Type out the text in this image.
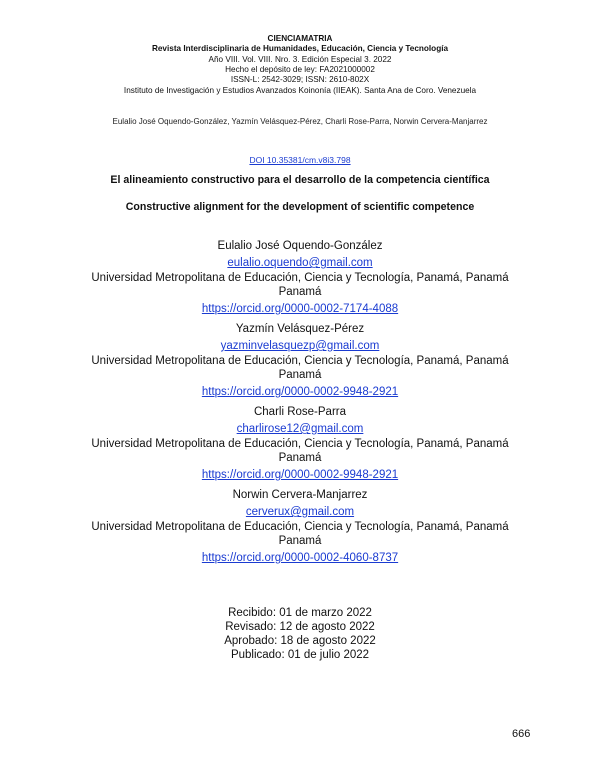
CIENCIAMATRIA
Revista Interdisciplinaria de Humanidades, Educación, Ciencia y Tecnología
Año VIII. Vol. VIII. Nro. 3. Edición Especial 3. 2022
Hecho el depósito de ley: FA2021000002
ISSN-L: 2542-3029; ISSN: 2610-802X
Instituto de Investigación y Estudios Avanzados Koinonía (IIEAK). Santa Ana de Coro. Venezuela
Eulalio José Oquendo-González, Yazmín Velásquez-Pérez, Charli Rose-Parra, Norwin Cervera-Manjarrez
DOI 10.35381/cm.v8i3.798
El alineamiento constructivo para el desarrollo de la competencia científica
Constructive alignment for the development of scientific competence
Eulalio José Oquendo-González
eulalio.oquendo@gmail.com
Universidad Metropolitana de Educación, Ciencia y Tecnología, Panamá, Panamá
Panamá
https://orcid.org/0000-0002-7174-4088
Yazmín Velásquez-Pérez
yazminvelasquezp@gmail.com
Universidad Metropolitana de Educación, Ciencia y Tecnología, Panamá, Panamá
Panamá
https://orcid.org/0000-0002-9948-2921
Charli Rose-Parra
charlirose12@gmail.com
Universidad Metropolitana de Educación, Ciencia y Tecnología, Panamá, Panamá
Panamá
https://orcid.org/0000-0002-9948-2921
Norwin Cervera-Manjarrez
cerverux@gmail.com
Universidad Metropolitana de Educación, Ciencia y Tecnología, Panamá, Panamá
Panamá
https://orcid.org/0000-0002-4060-8737
Recibido: 01 de marzo 2022
Revisado: 12 de agosto 2022
Aprobado: 18 de agosto 2022
Publicado: 01 de julio 2022
666
